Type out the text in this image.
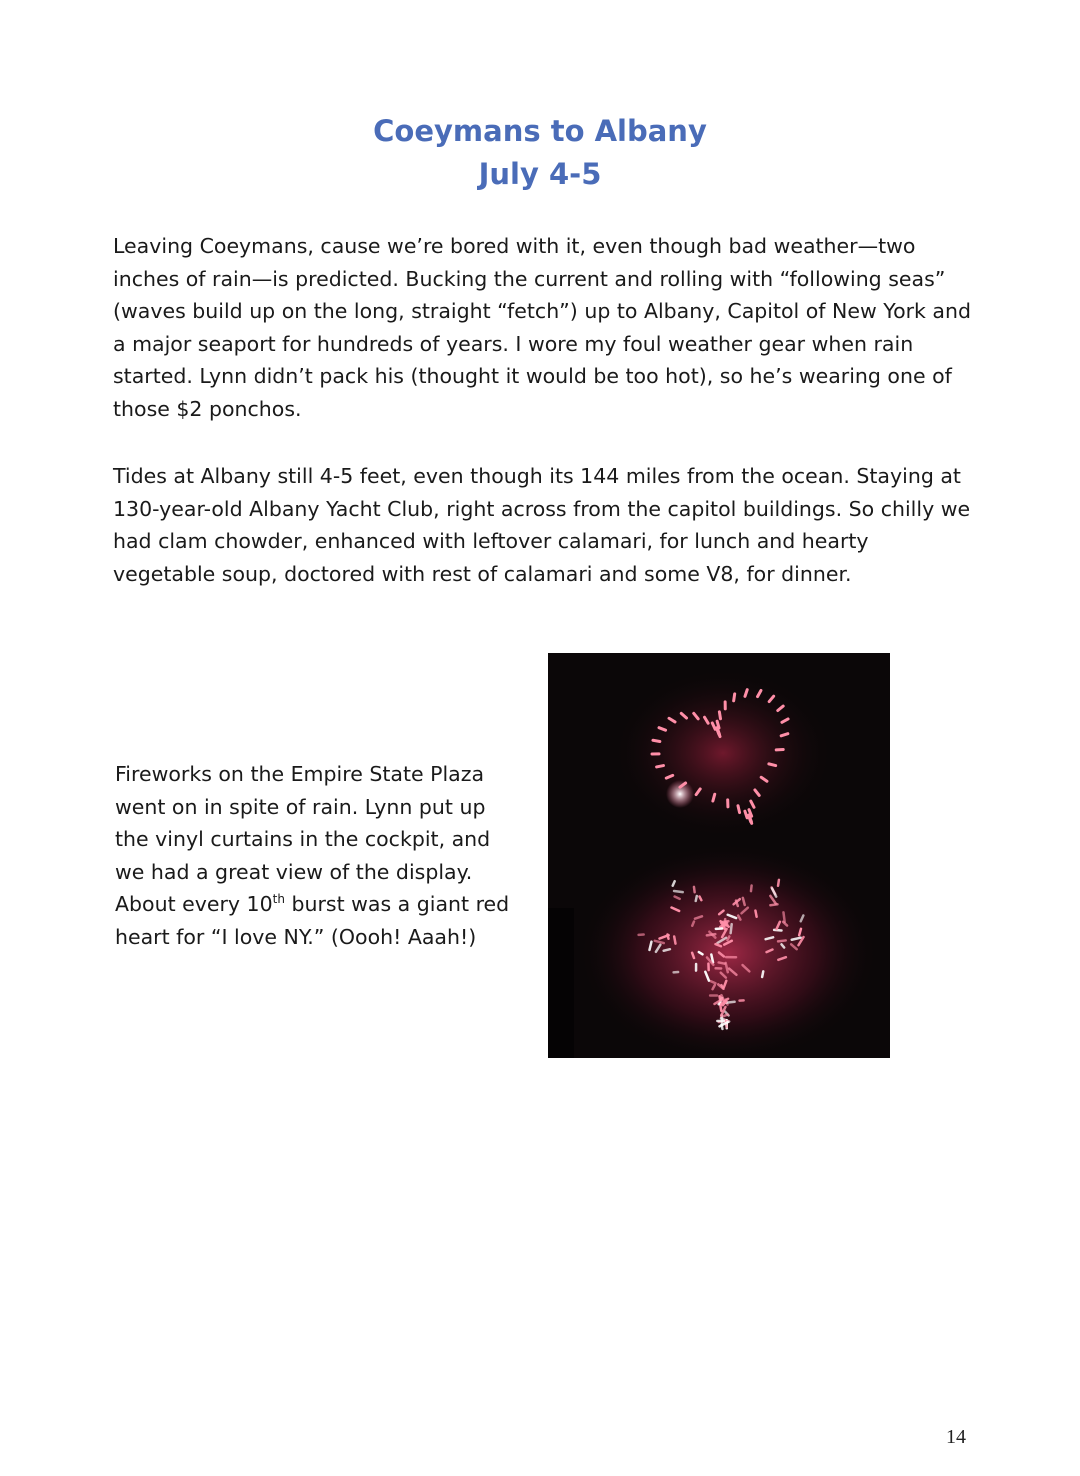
Coeymans to Albany
July 4-5

Leaving Coeymans, cause we’re bored with it, even though bad weather—two inches of rain—is predicted. Bucking the current and rolling with “following seas” (waves build up on the long, straight “fetch”) up to Albany, Capitol of New York and a major seaport for hundreds of years. I wore my foul weather gear when rain started. Lynn didn’t pack his (thought it would be too hot), so he’s wearing one of those $2 ponchos.

Tides at Albany still 4-5 feet, even though its 144 miles from the ocean. Staying at 130-year-old Albany Yacht Club, right across from the capitol buildings. So chilly we had clam chowder, enhanced with leftover calamari, for lunch and hearty vegetable soup, doctored with rest of calamari and some V8, for dinner.

Fireworks on the Empire State Plaza went on in spite of rain. Lynn put up the vinyl curtains in the cockpit, and we had a great view of the display. About every 10th burst was a giant red heart for “I love NY.” (Oooh! Aaah!)

14
